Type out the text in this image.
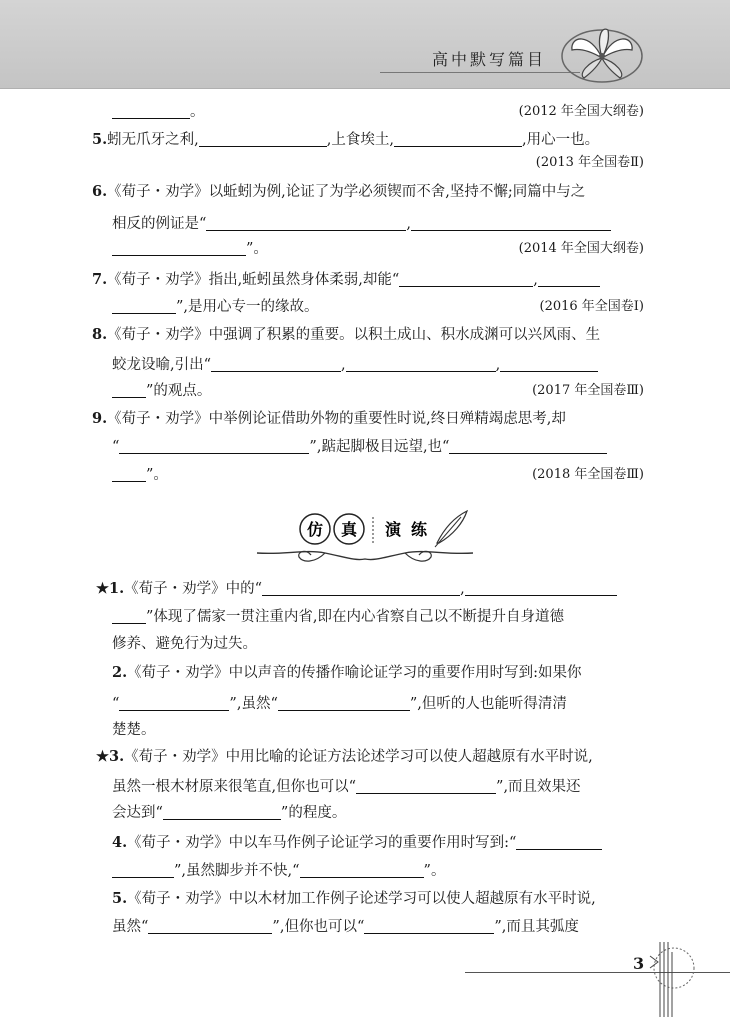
高中默写篇目
。	(2012 年全国大纲卷)
5.蚓无爪牙之利,	,上食埃土,	,用心一也。
(2013 年全国卷Ⅱ)
6.《荀子・劝学》以蚯蚓为例,论证了为学必须锲而不舍,坚持不懈;同篇中与之
相反的例证是“	,
”。	(2014 年全国大纲卷)
7.《荀子・劝学》指出,蚯蚓虽然身体柔弱,却能“	,
”,是用心专一的缘故。	(2016 年全国卷Ⅰ)
8.《荀子・劝学》中强调了积累的重要。以积土成山、积水成渊可以兴风雨、生
蛟龙设喻,引出“	,	,
”的观点。	(2017 年全国卷Ⅲ)
9.《荀子・劝学》中举例论证借助外物的重要性时说,终日殚精竭虑思考,却
“	”,踮起脚极目远望,也“
”。	(2018 年全国卷Ⅲ)
仿 真 演 练
★1.《荀子・劝学》中的“	,
”体现了儒家一贯注重内省,即在内心省察自己以不断提升自身道德
修养、避免行为过失。
2.《荀子・劝学》中以声音的传播作喻论证学习的重要作用时写到:如果你
“	”,虽然“	”,但听的人也能听得清清
楚楚。
★3.《荀子・劝学》中用比喻的论证方法论述学习可以使人超越原有水平时说,
虽然一根木材原来很笔直,但你也可以“	”,而且效果还
会达到“	”的程度。
4.《荀子・劝学》中以车马作例子论证学习的重要作用时写到:“
”,虽然脚步并不快,“	”。
5.《荀子・劝学》中以木材加工作例子论述学习可以使人超越原有水平时说,
虽然“	”,但你也可以“	”,而且其弧度
3
